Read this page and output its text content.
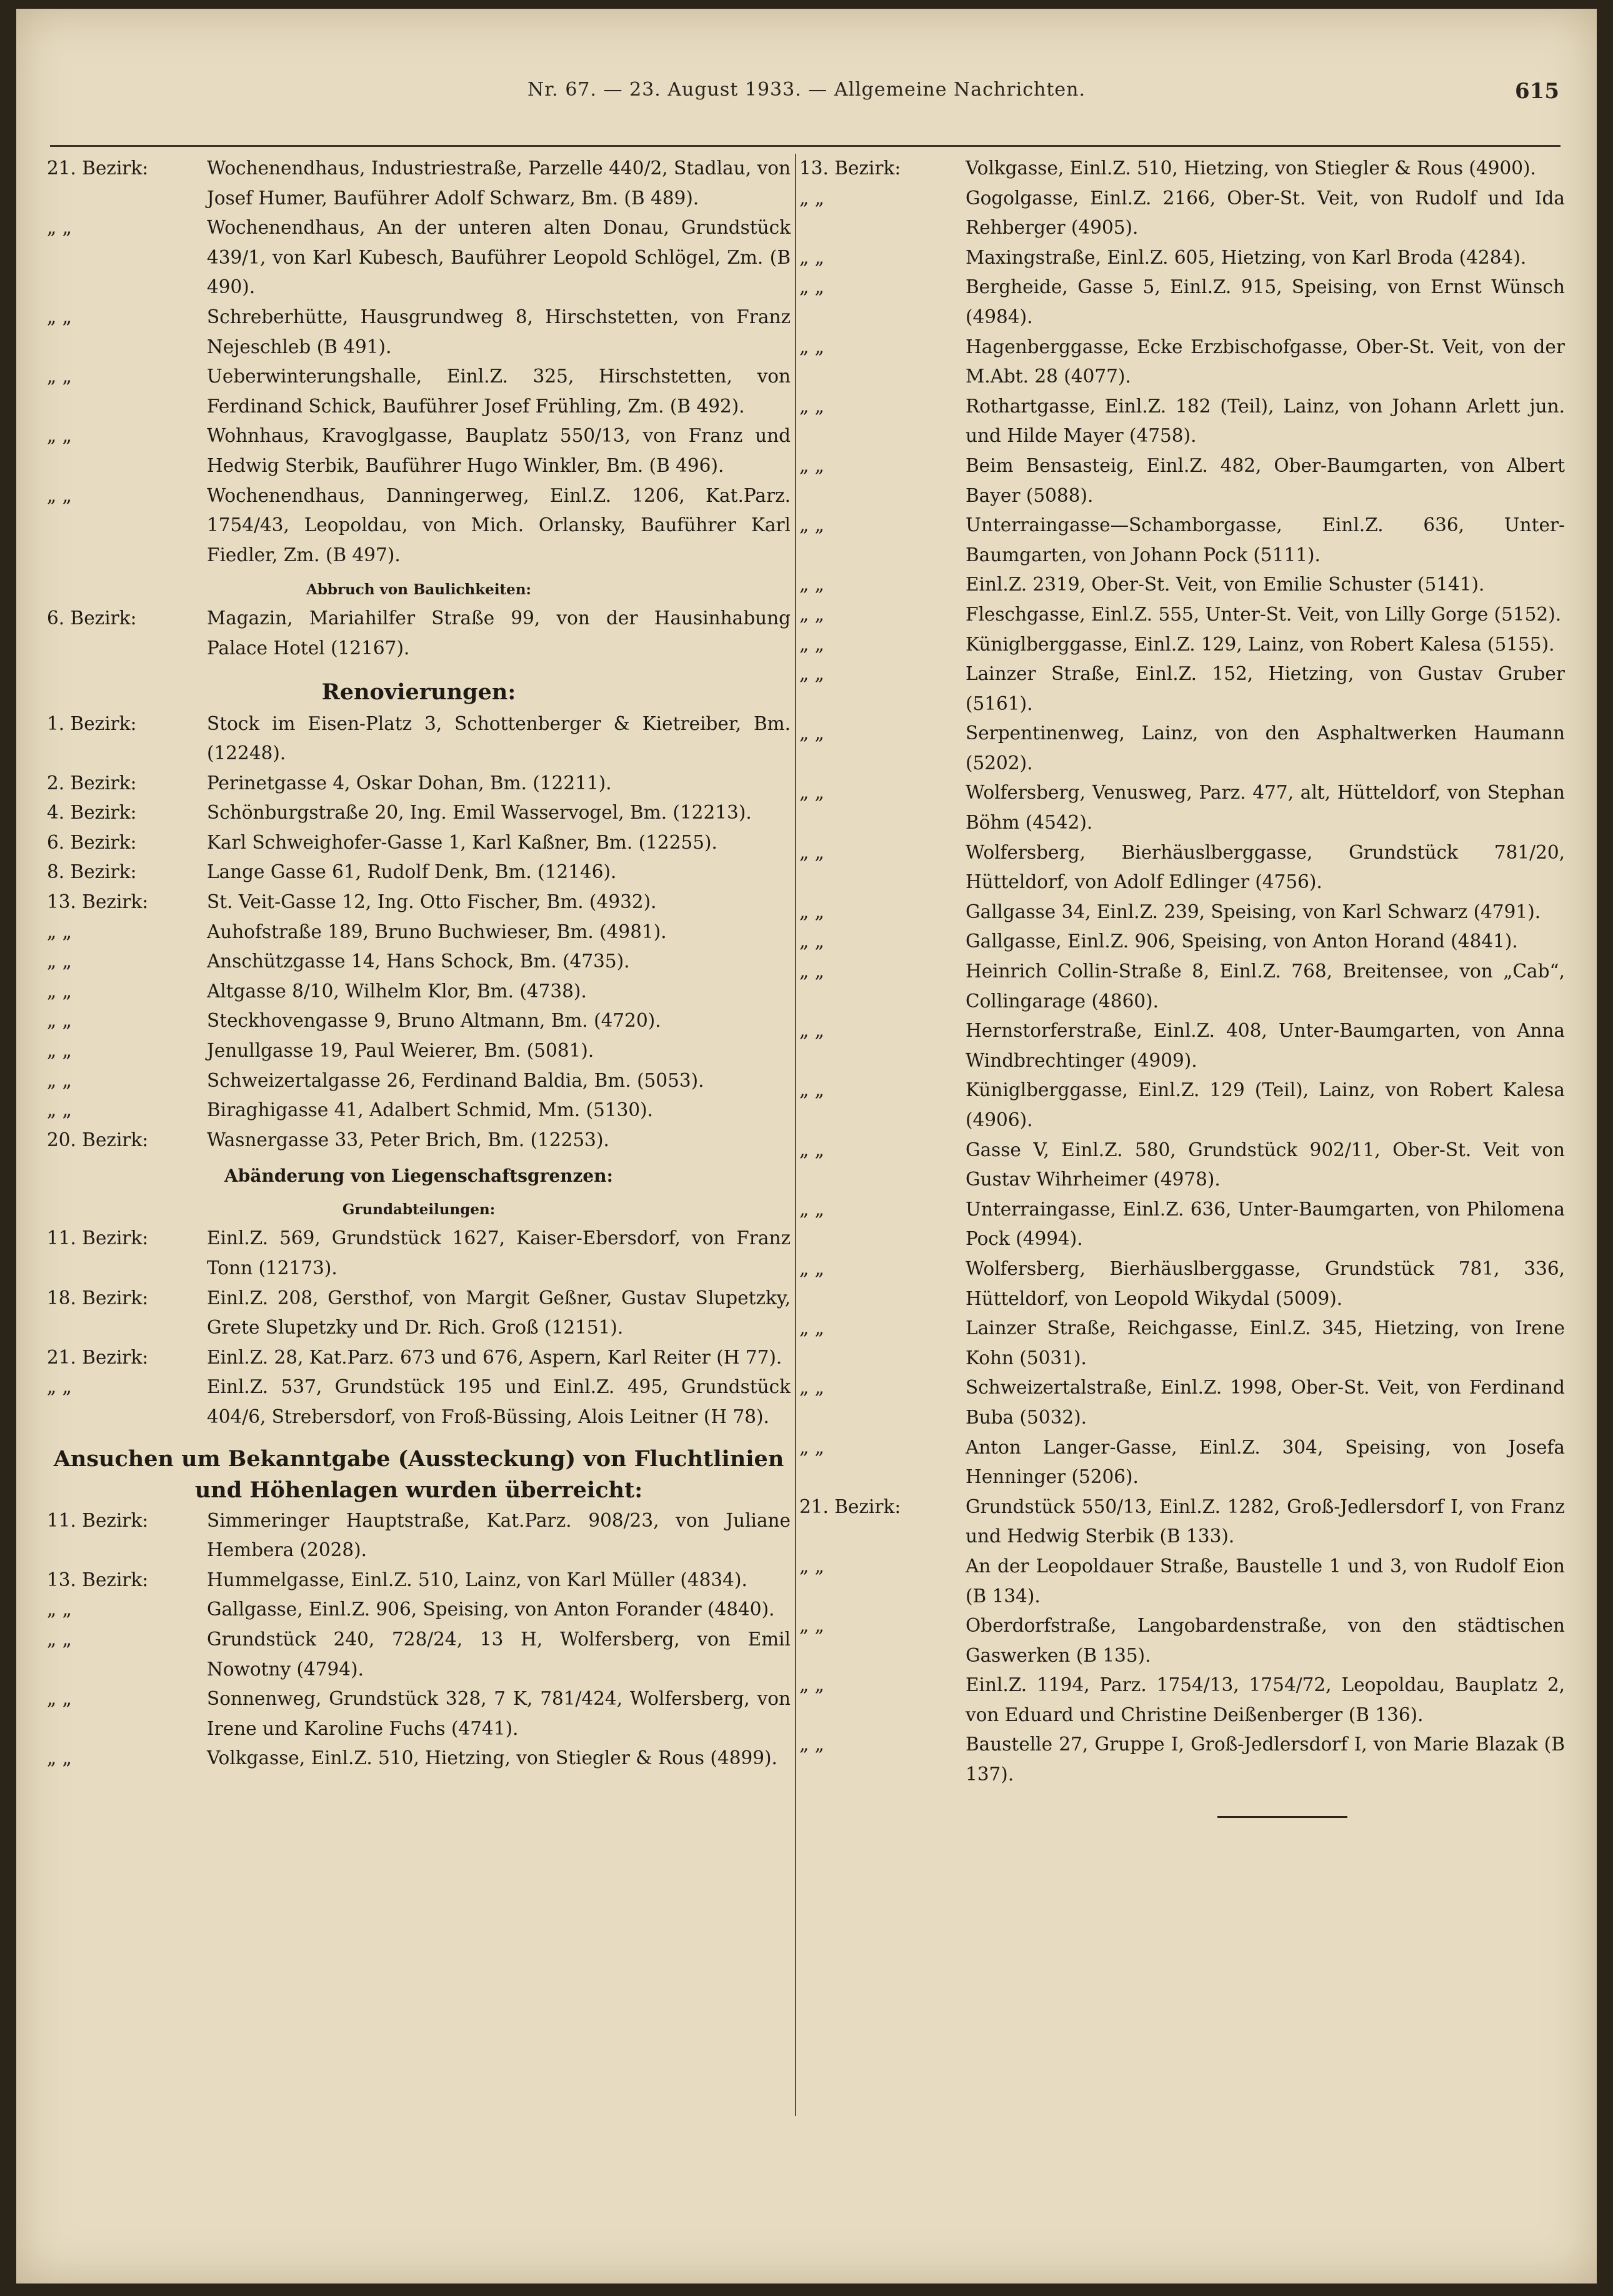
Nr. 67. — 23. August 1933. — Allgemeine Nachrichten.	615
21. Bezirk:	Wochenendhaus, Industriestraße, Parzelle 440/2, Stadlau, von Josef Humer, Bauführer Adolf Schwarz, Bm. (B 489).
„ „	Wochenendhaus, An der unteren alten Donau, Grundstück 439/1, von Karl Kubesch, Bauführer Leopold Schlögel, Zm. (B 490).
„ „	Schreberhütte, Hausgrundweg 8, Hirschstetten, von Franz Nejeschleb (B 491).
„ „	Ueberwinterungshalle, Einl.Z. 325, Hirschstetten, von Ferdinand Schick, Bauführer Josef Frühling, Zm. (B 492).
„ „	Wohnhaus, Kravoglgasse, Bauplatz 550/13, von Franz und Hedwig Sterbik, Bauführer Hugo Winkler, Bm. (B 496).
„ „	Wochenendhaus, Danningerweg, Einl.Z. 1206, Kat.Parz. 1754/43, Leopoldau, von Mich. Orlansky, Bauführer Karl Fiedler, Zm. (B 497).
Abbruch von Baulichkeiten:
6. Bezirk:	Magazin, Mariahilfer Straße 99, von der Hausinhabung Palace Hotel (12167).
Renovierungen:
1. Bezirk:	Stock im Eisen-Platz 3, Schottenberger & Kietreiber, Bm. (12248).
2. Bezirk:	Perinetgasse 4, Oskar Dohan, Bm. (12211).
4. Bezirk:	Schönburgstraße 20, Ing. Emil Wasservogel, Bm. (12213).
6. Bezirk:	Karl Schweighofer-Gasse 1, Karl Kaßner, Bm. (12255).
8. Bezirk:	Lange Gasse 61, Rudolf Denk, Bm. (12146).
13. Bezirk:	St. Veit-Gasse 12, Ing. Otto Fischer, Bm. (4932).
„ „	Auhofstraße 189, Bruno Buchwieser, Bm. (4981).
„ „	Anschützgasse 14, Hans Schock, Bm. (4735).
„ „	Altgasse 8/10, Wilhelm Klor, Bm. (4738).
„ „	Steckhovengasse 9, Bruno Altmann, Bm. (4720).
„ „	Jenullgasse 19, Paul Weierer, Bm. (5081).
„ „	Schweizertalgasse 26, Ferdinand Baldia, Bm. (5053).
„ „	Biraghigasse 41, Adalbert Schmid, Mm. (5130).
20. Bezirk:	Wasnergasse 33, Peter Brich, Bm. (12253).
Abänderung von Liegenschaftsgrenzen:
Grundabteilungen:
11. Bezirk:	Einl.Z. 569, Grundstück 1627, Kaiser-Ebersdorf, von Franz Tonn (12173).
18. Bezirk:	Einl.Z. 208, Gersthof, von Margit Geßner, Gustav Slupetzky, Grete Slupetzky und Dr. Rich. Groß (12151).
21. Bezirk:	Einl.Z. 28, Kat.Parz. 673 und 676, Aspern, Karl Reiter (H 77).
„ „	Einl.Z. 537, Grundstück 195 und Einl.Z. 495, Grundstück 404/6, Strebersdorf, von Froß-Büssing, Alois Leitner (H 78).
Ansuchen um Bekanntgabe (Aussteckung) von Fluchtlinien und Höhenlagen wurden überreicht:
11. Bezirk:	Simmeringer Hauptstraße, Kat.Parz. 908/23, von Juliane Hembera (2028).
13. Bezirk:	Hummelgasse, Einl.Z. 510, Lainz, von Karl Müller (4834).
„ „	Gallgasse, Einl.Z. 906, Speising, von Anton Forander (4840).
„ „	Grundstück 240, 728/24, 13 H, Wolfersberg, von Emil Nowotny (4794).
„ „	Sonnenweg, Grundstück 328, 7 K, 781/424, Wolfersberg, von Irene und Karoline Fuchs (4741).
„ „	Volkgasse, Einl.Z. 510, Hietzing, von Stiegler & Rous (4899).
13. Bezirk:	Volkgasse, Einl.Z. 510, Hietzing, von Stiegler & Rous (4900).
„ „	Gogolgasse, Einl.Z. 2166, Ober-St. Veit, von Rudolf und Ida Rehberger (4905).
„ „	Maxingstraße, Einl.Z. 605, Hietzing, von Karl Broda (4284).
„ „	Bergheide, Gasse 5, Einl.Z. 915, Speising, von Ernst Wünsch (4984).
„ „	Hagenberggasse, Ecke Erzbischofgasse, Ober-St. Veit, von der M.Abt. 28 (4077).
„ „	Rothartgasse, Einl.Z. 182 (Teil), Lainz, von Johann Arlett jun. und Hilde Mayer (4758).
„ „	Beim Bensasteig, Einl.Z. 482, Ober-Baumgarten, von Albert Bayer (5088).
„ „	Unterraingasse—Schamborgasse, Einl.Z. 636, Unter-Baumgarten, von Johann Pock (5111).
„ „	Einl.Z. 2319, Ober-St. Veit, von Emilie Schuster (5141).
„ „	Fleschgasse, Einl.Z. 555, Unter-St. Veit, von Lilly Gorge (5152).
„ „	Küniglberggasse, Einl.Z. 129, Lainz, von Robert Kalesa (5155).
„ „	Lainzer Straße, Einl.Z. 152, Hietzing, von Gustav Gruber (5161).
„ „	Serpentinenweg, Lainz, von den Asphaltwerken Haumann (5202).
„ „	Wolfersberg, Venusweg, Parz. 477, alt, Hütteldorf, von Stephan Böhm (4542).
„ „	Wolfersberg, Bierhäuslberggasse, Grundstück 781/20, Hütteldorf, von Adolf Edlinger (4756).
„ „	Gallgasse 34, Einl.Z. 239, Speising, von Karl Schwarz (4791).
„ „	Gallgasse, Einl.Z. 906, Speising, von Anton Horand (4841).
„ „	Heinrich Collin-Straße 8, Einl.Z. 768, Breitensee, von „Cab“, Collingarage (4860).
„ „	Hernstorferstraße, Einl.Z. 408, Unter-Baumgarten, von Anna Windbrechtinger (4909).
„ „	Küniglberggasse, Einl.Z. 129 (Teil), Lainz, von Robert Kalesa (4906).
„ „	Gasse V, Einl.Z. 580, Grundstück 902/11, Ober-St. Veit von Gustav Wihrheimer (4978).
„ „	Unterraingasse, Einl.Z. 636, Unter-Baumgarten, von Philomena Pock (4994).
„ „	Wolfersberg, Bierhäuslberggasse, Grundstück 781, 336, Hütteldorf, von Leopold Wikydal (5009).
„ „	Lainzer Straße, Reichgasse, Einl.Z. 345, Hietzing, von Irene Kohn (5031).
„ „	Schweizertalstraße, Einl.Z. 1998, Ober-St. Veit, von Ferdinand Buba (5032).
„ „	Anton Langer-Gasse, Einl.Z. 304, Speising, von Josefa Henninger (5206).
21. Bezirk:	Grundstück 550/13, Einl.Z. 1282, Groß-Jedlersdorf I, von Franz und Hedwig Sterbik (B 133).
„ „	An der Leopoldauer Straße, Baustelle 1 und 3, von Rudolf Eion (B 134).
„ „	Oberdorfstraße, Langobardenstraße, von den städtischen Gaswerken (B 135).
„ „	Einl.Z. 1194, Parz. 1754/13, 1754/72, Leopoldau, Bauplatz 2, von Eduard und Christine Deißenberger (B 136).
„ „	Baustelle 27, Gruppe I, Groß-Jedlersdorf I, von Marie Blazak (B 137).
